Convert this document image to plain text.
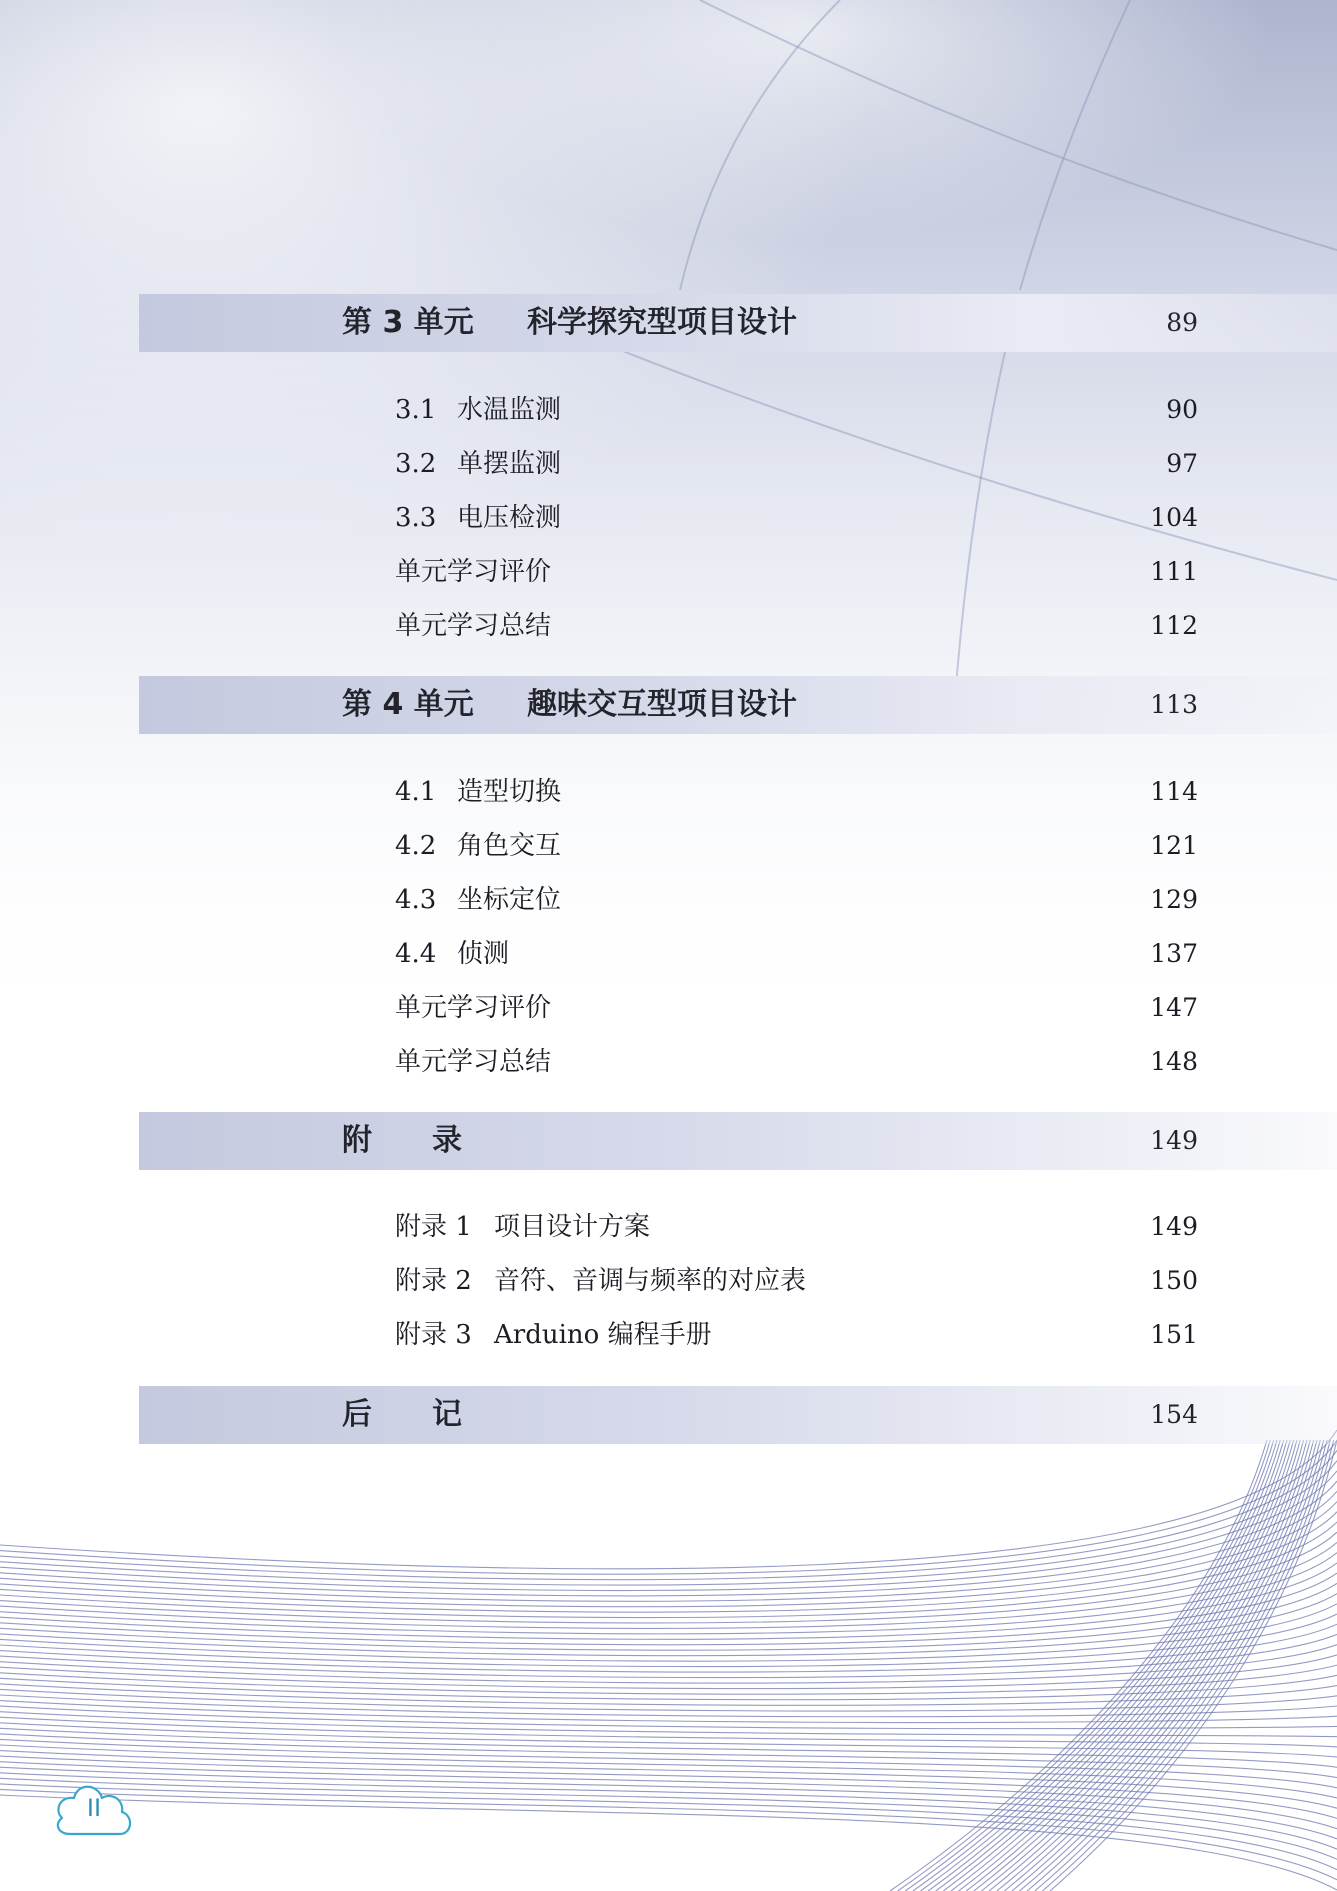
第 3 单元 科学探究型项目设计	89
3.1 水温监测	90
3.2 单摆监测	97
3.3 电压检测	104
单元学习评价	111
单元学习总结	112
第 4 单元 趣味交互型项目设计	113
4.1 造型切换	114
4.2 角色交互	121
4.3 坐标定位	129
4.4 侦测	137
单元学习评价	147
单元学习总结	148
附　　录	149
附录 1 项目设计方案	149
附录 2 音符、音调与频率的对应表	150
附录 3 Arduino 编程手册	151
后　　记	154
II
